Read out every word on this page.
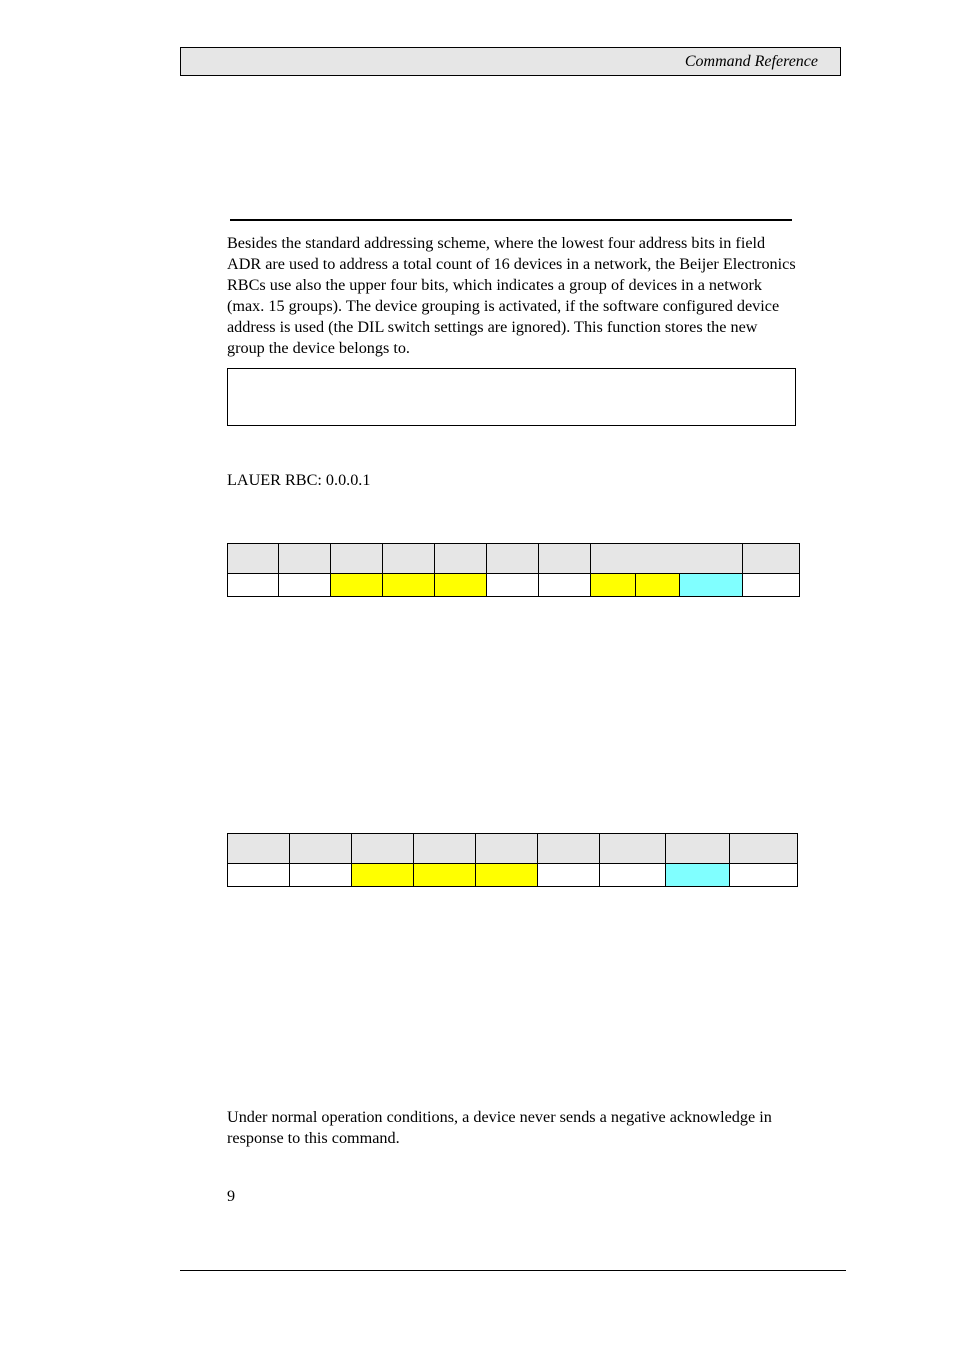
Command Reference

Besides the standard addressing scheme, where the lowest four address bits in field ADR are used to address a total count of 16 devices in a network, the Beijer Electronics RBCs use also the upper four bits, which indicates a group of devices in a network (max. 15 groups). The device grouping is activated, if the software configured device address is used (the DIL switch settings are ignored). This function stores the new group the device belongs to.

LAUER RBC: 0.0.0.1

Under normal operation conditions, a device never sends a negative acknowledge in response to this command.

9
